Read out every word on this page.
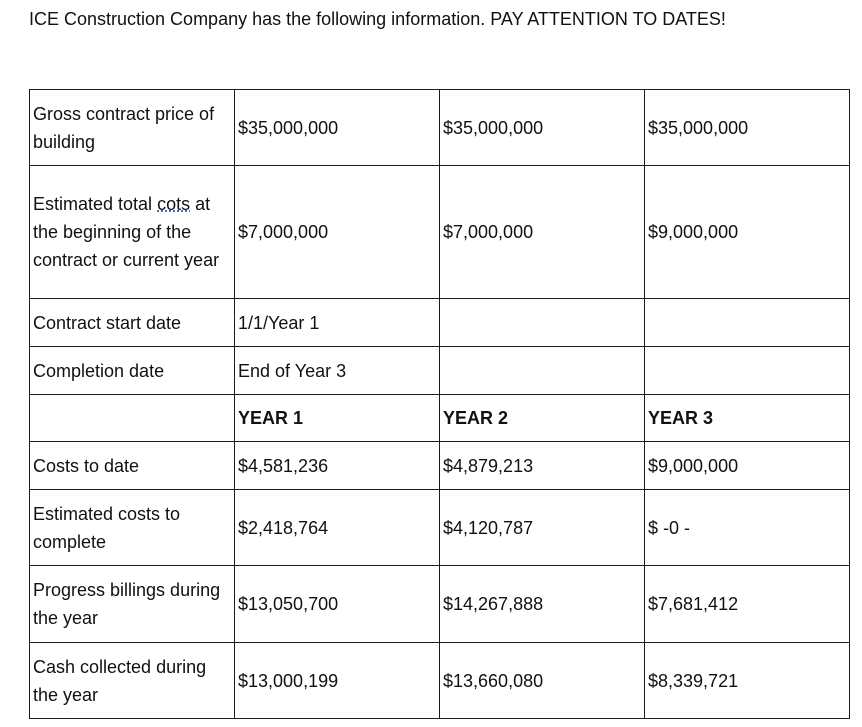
ICE Construction Company has the following information. PAY ATTENTION TO DATES!
Gross contract price of building	$35,000,000	$35,000,000	$35,000,000
Estimated total cots at the beginning of the contract or current year	$7,000,000	$7,000,000	$9,000,000
Contract start date	1/1/Year 1		
Completion date	End of Year 3		
	YEAR 1	YEAR 2	YEAR 3
Costs to date	$4,581,236	$4,879,213	$9,000,000
Estimated costs to complete	$2,418,764	$4,120,787	$ -0 -
Progress billings during the year	$13,050,700	$14,267,888	$7,681,412
Cash collected during the year	$13,000,199	$13,660,080	$8,339,721
